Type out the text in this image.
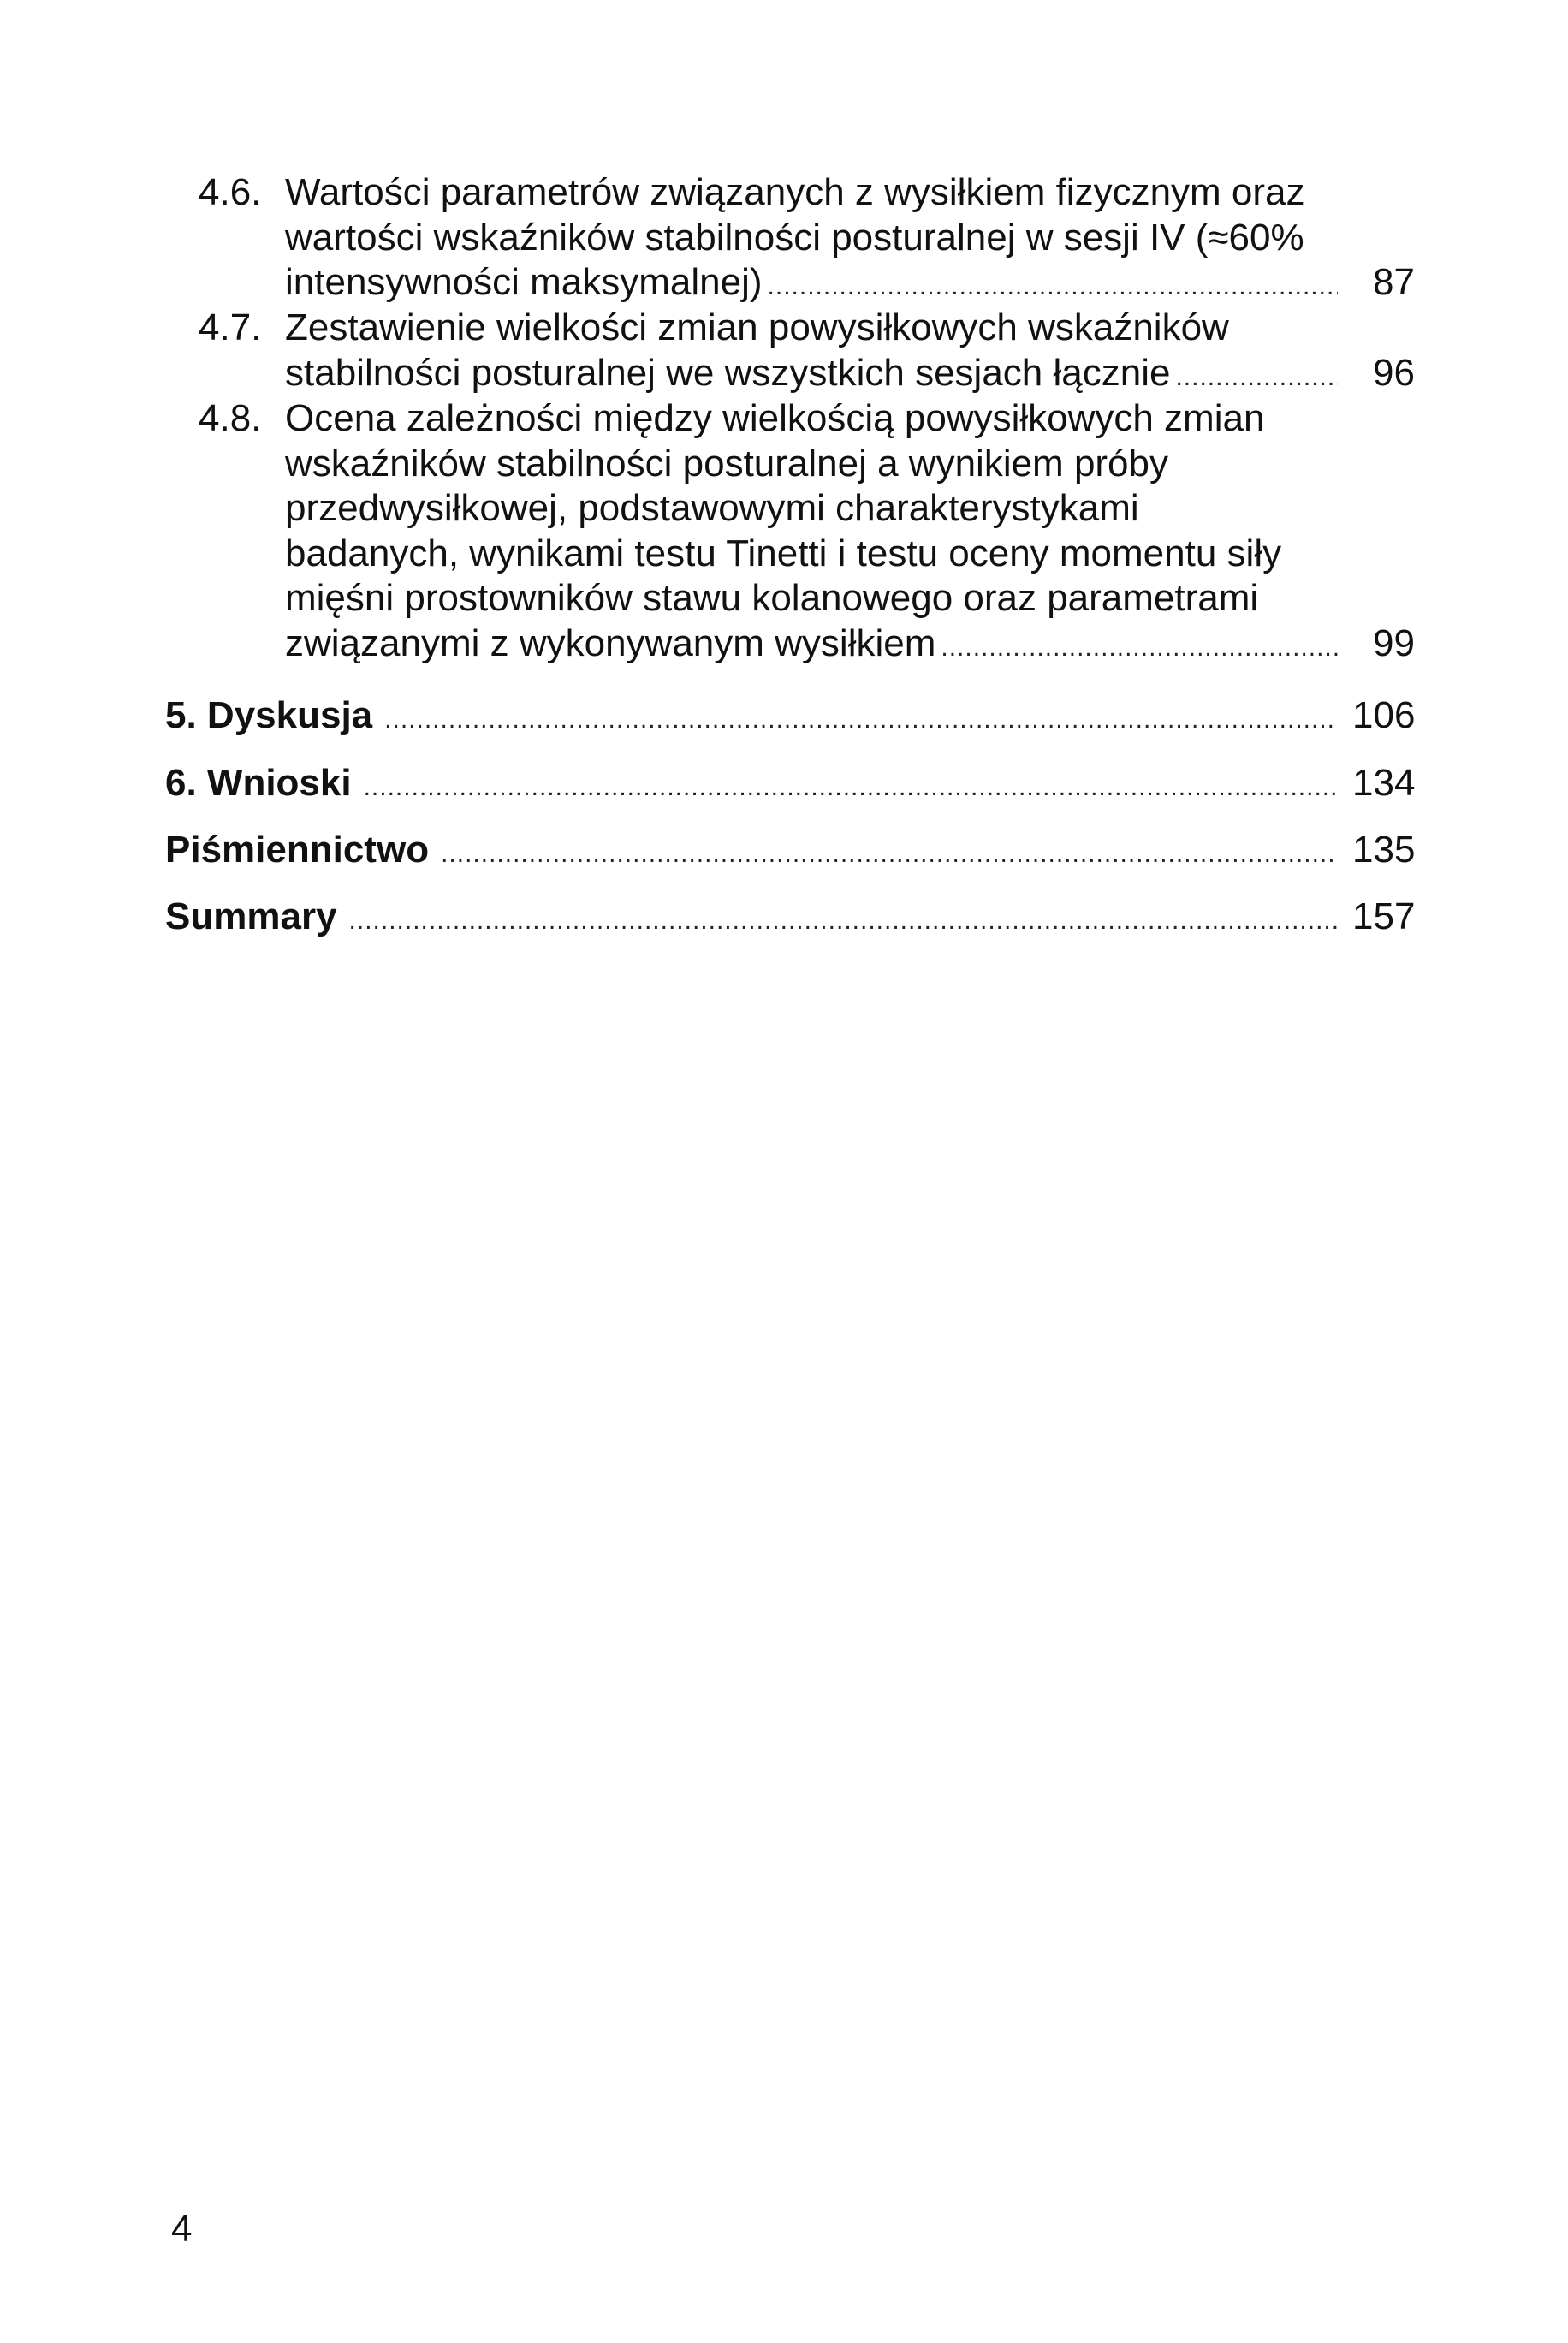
4.6. Wartości parametrów związanych z wysiłkiem fizycznym oraz
wartości wskaźników stabilności posturalnej w sesji IV (≈60%
intensywności maksymalnej) .....	87
4.7. Zestawienie wielkości zmian powysiłkowych wskaźników
stabilności posturalnej we wszystkich sesjach łącznie .....	96
4.8. Ocena zależności między wielkością powysiłkowych zmian
wskaźników stabilności posturalnej a wynikiem próby
przedwysiłkowej, podstawowymi charakterystykami
badanych, wynikami testu Tinetti i testu oceny momentu siły
mięśni prostowników stawu kolanowego oraz parametrami
związanymi z wykonywanym wysiłkiem .....	99
5. Dyskusja .....	106
6. Wnioski .....	134
Piśmiennictwo .....	135
Summary .....	157
4
